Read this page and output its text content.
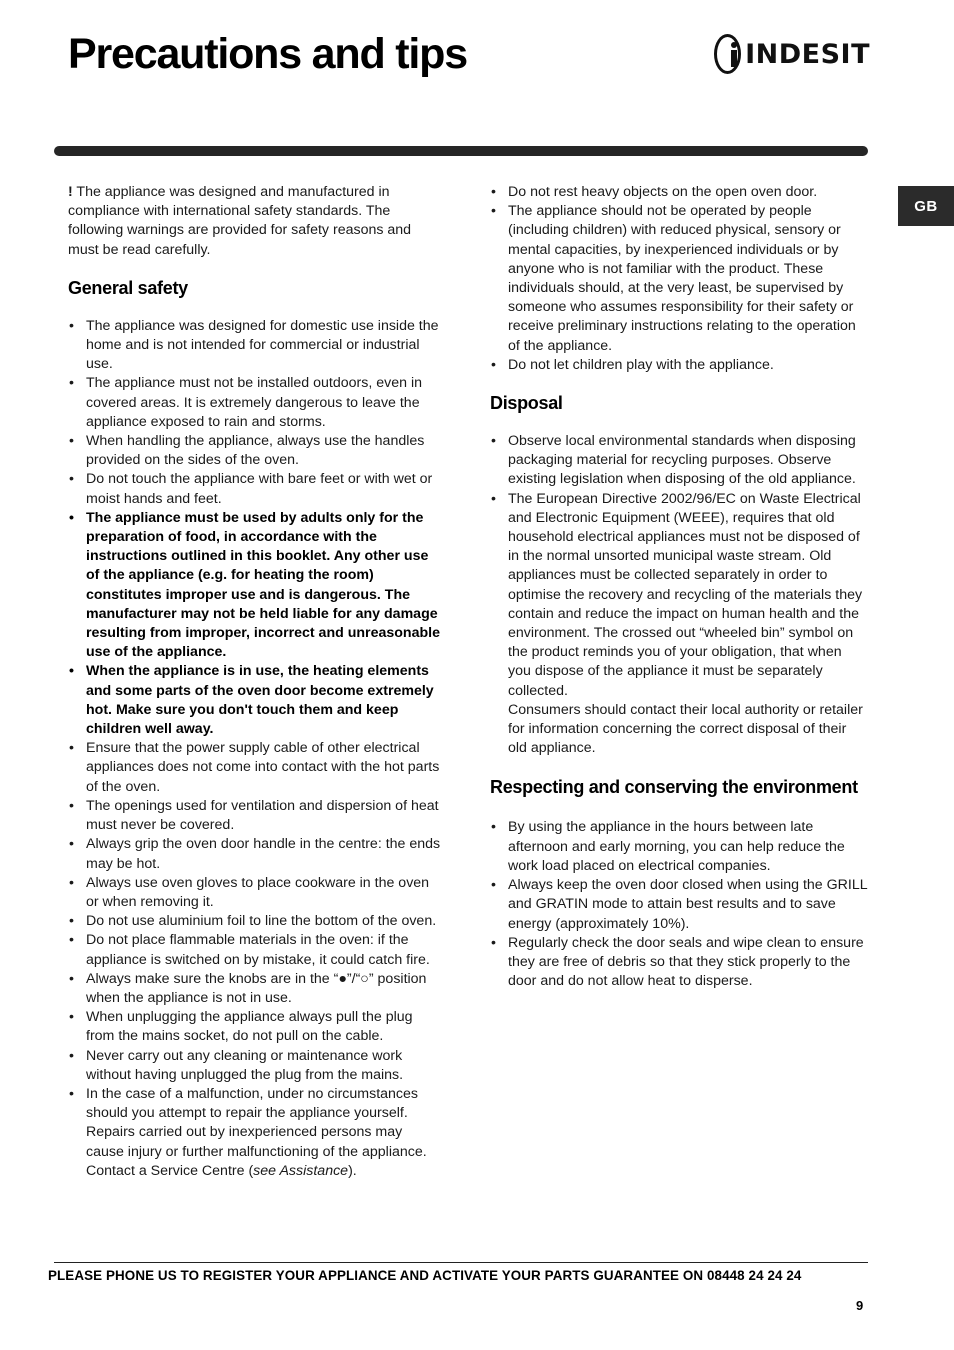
Precautions and tips	INDESIT
GB

! The appliance was designed and manufactured in compliance with international safety standards. The following warnings are provided for safety reasons and must be read carefully.

General safety
• The appliance was designed for domestic use inside the home and is not intended for commercial or industrial use.
• The appliance must not be installed outdoors, even in covered areas. It is extremely dangerous to leave the appliance exposed to rain and storms.
• When handling the appliance, always use the handles provided on the sides of the oven.
• Do not touch the appliance with bare feet or with wet or moist hands and feet.
• The appliance must be used by adults only for the preparation of food, in accordance with the instructions outlined in this booklet. Any other use of the appliance (e.g. for heating the room) constitutes improper use and is dangerous. The manufacturer may not be held liable for any damage resulting from improper, incorrect and unreasonable use of the appliance.
• When the appliance is in use, the heating elements and some parts of the oven door become extremely hot. Make sure you don't touch them and keep children well away.
• Ensure that the power supply cable of other electrical appliances does not come into contact with the hot parts of the oven.
• The openings used for ventilation and dispersion of heat must never be covered.
• Always grip the oven door handle in the centre: the ends may be hot.
• Always use oven gloves to place cookware in the oven or when removing it.
• Do not use aluminium foil to line the bottom of the oven.
• Do not place flammable materials in the oven: if the appliance is switched on by mistake, it could catch fire.
• Always make sure the knobs are in the “●”/“○” position when the appliance is not in use.
• When unplugging the appliance always pull the plug from the mains socket, do not pull on the cable.
• Never carry out any cleaning or maintenance work without having unplugged the plug from the mains.
• In the case of a malfunction, under no circumstances should you attempt to repair the appliance yourself. Repairs carried out by inexperienced persons may cause injury or further malfunctioning of the appliance. Contact a Service Centre (see Assistance).
• Do not rest heavy objects on the open oven door.
• The appliance should not be operated by people (including children) with reduced physical, sensory or mental capacities, by inexperienced individuals or by anyone who is not familiar with the product. These individuals should, at the very least, be supervised by someone who assumes responsibility for their safety or receive preliminary instructions relating to the operation of the appliance.
• Do not let children play with the appliance.
Disposal
• Observe local environmental standards when disposing packaging material for recycling purposes. Observe existing legislation when disposing of the old appliance.
• The European Directive 2002/96/EC on Waste Electrical and Electronic Equipment (WEEE), requires that old household electrical appliances must not be disposed of in the normal unsorted municipal waste stream. Old appliances must be collected separately in order to optimise the recovery and recycling of the materials they contain and reduce the impact on human health and the environment. The crossed out “wheeled bin” symbol on the product reminds you of your obligation, that when you dispose of the appliance it must be separately collected.

Consumers should contact their local authority or retailer for information concerning the correct disposal of their old appliance.

Respecting and conserving the environment
• By using the appliance in the hours between late afternoon and early morning, you can help reduce the work load placed on electrical companies.
• Always keep the oven door closed when using the GRILL and GRATIN mode to attain best results and to save energy (approximately 10%).
• Regularly check the door seals and wipe clean to ensure they are free of debris so that they stick properly to the door and do not allow heat to disperse.
PLEASE PHONE US TO REGISTER YOUR APPLIANCE AND ACTIVATE YOUR PARTS GUARANTEE ON 08448 24 24 24
9
